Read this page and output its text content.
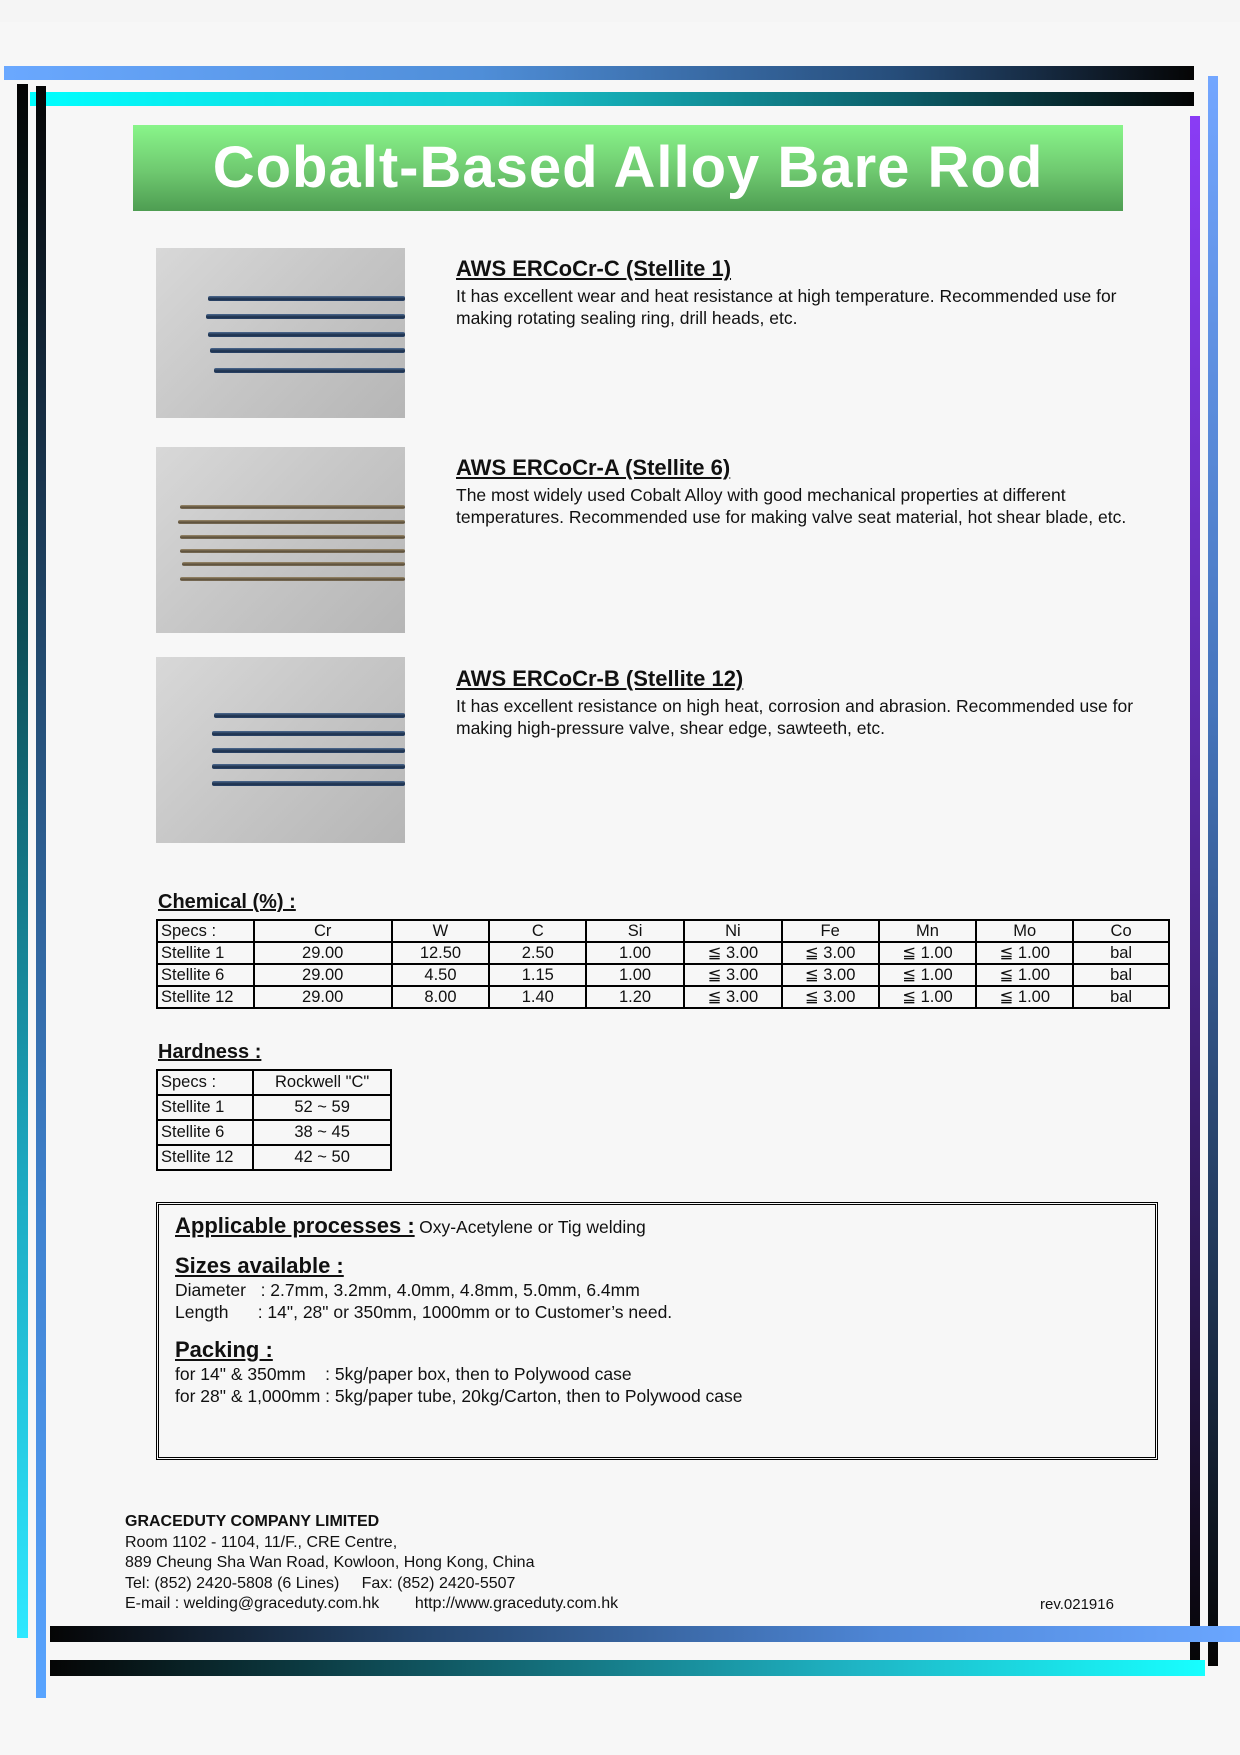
Cobalt-Based Alloy Bare Rod
AWS ERCoCr-C (Stellite 1)
It has excellent wear and heat resistance at high temperature. Recommended use for making rotating sealing ring, drill heads, etc.
AWS ERCoCr-A (Stellite 6)
The most widely used Cobalt Alloy with good mechanical properties at different temperatures. Recommended use for making valve seat material, hot shear blade, etc.
AWS ERCoCr-B (Stellite 12)
It has excellent resistance on high heat, corrosion and abrasion. Recommended use for making high-pressure valve, shear edge, sawteeth, etc.
Chemical (%) :
Specs :	Cr	W	C	Si	Ni	Fe	Mn	Mo	Co
Stellite 1	29.00	12.50	2.50	1.00	≦ 3.00	≦ 3.00	≦ 1.00	≦ 1.00	bal
Stellite 6	29.00	4.50	1.15	1.00	≦ 3.00	≦ 3.00	≦ 1.00	≦ 1.00	bal
Stellite 12	29.00	8.00	1.40	1.20	≦ 3.00	≦ 3.00	≦ 1.00	≦ 1.00	bal
Hardness :
Specs :	Rockwell "C"
Stellite 1	52 ~ 59
Stellite 6	38 ~ 45
Stellite 12	42 ~ 50
Applicable processes : Oxy-Acetylene or Tig welding
Sizes available :
Diameter   : 2.7mm, 3.2mm, 4.0mm, 4.8mm, 5.0mm, 6.4mm
Length      : 14", 28" or 350mm, 1000mm or to Customer’s need.
Packing :
for 14" & 350mm    : 5kg/paper box, then to Polywood case
for 28" & 1,000mm : 5kg/paper tube, 20kg/Carton, then to Polywood case
GRACEDUTY COMPANY LIMITED
Room 1102 - 1104, 11/F., CRE Centre,
889 Cheung Sha Wan Road, Kowloon, Hong Kong, China
Tel: (852) 2420-5808 (6 Lines)     Fax: (852) 2420-5507
E-mail : welding@graceduty.com.hk        http://www.graceduty.com.hk	rev.021916
